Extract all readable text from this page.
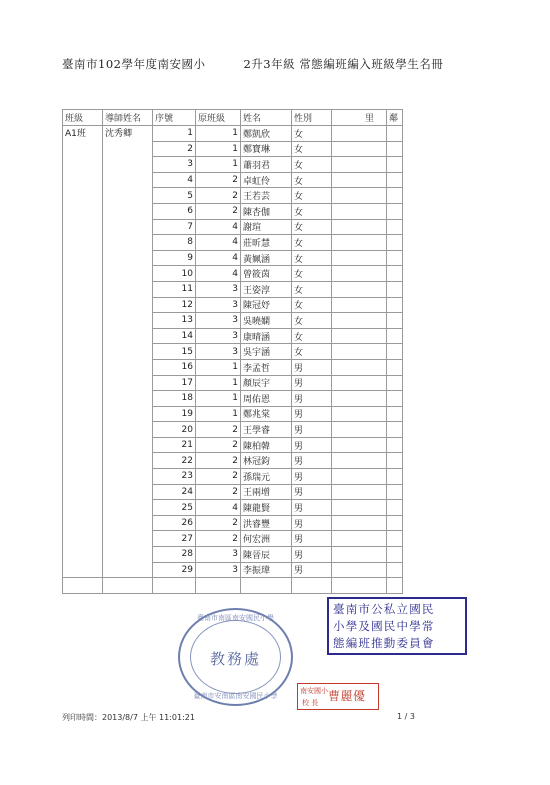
臺南市102學年度南安國小	2升3年級 常態編班編入班級學生名冊
班級	導師姓名	序號	原班級	姓名	性別	里	鄰
A1班	沈秀卿	1	1	鄭凱欣	女		
		2	1	鄭寶琳	女		
		3	1	蕭羽君	女		
		4	2	卓虹伶	女		
		5	2	王若芸	女		
		6	2	陳杏伽	女		
		7	4	謝瑄	女		
		8	4	莊昕慧	女		
		9	4	黃姵涵	女		
		10	4	曾筱茵	女		
		11	3	王姿淳	女		
		12	3	陳冠妤	女		
		13	3	吳曉嫻	女		
		14	3	康晴涵	女		
		15	3	吳宇涵	女		
		16	1	李孟哲	男		
		17	1	顏辰宇	男		
		18	1	周佑恩	男		
		19	1	鄭兆棠	男		
		20	2	王學睿	男		
		21	2	陳柏韓	男		
		22	2	林冠鈞	男		
		23	2	孫瑞元	男		
		24	2	王兩增	男		
		25	4	陳龍賢	男		
		26	2	洪睿豐	男		
		27	2	何宏洲	男		
		28	3	陳晉辰	男		
		29	3	李振瑋	男		

臺南市南區南安國民小學
教務處
臺南市安南區南安國民小學
臺南市公私立國民
小學及國民中學常
態編班推動委員會
南安國小
校 長 曹麗優
列印時間：2013/8/7 上午 11:01:21	1 / 3
